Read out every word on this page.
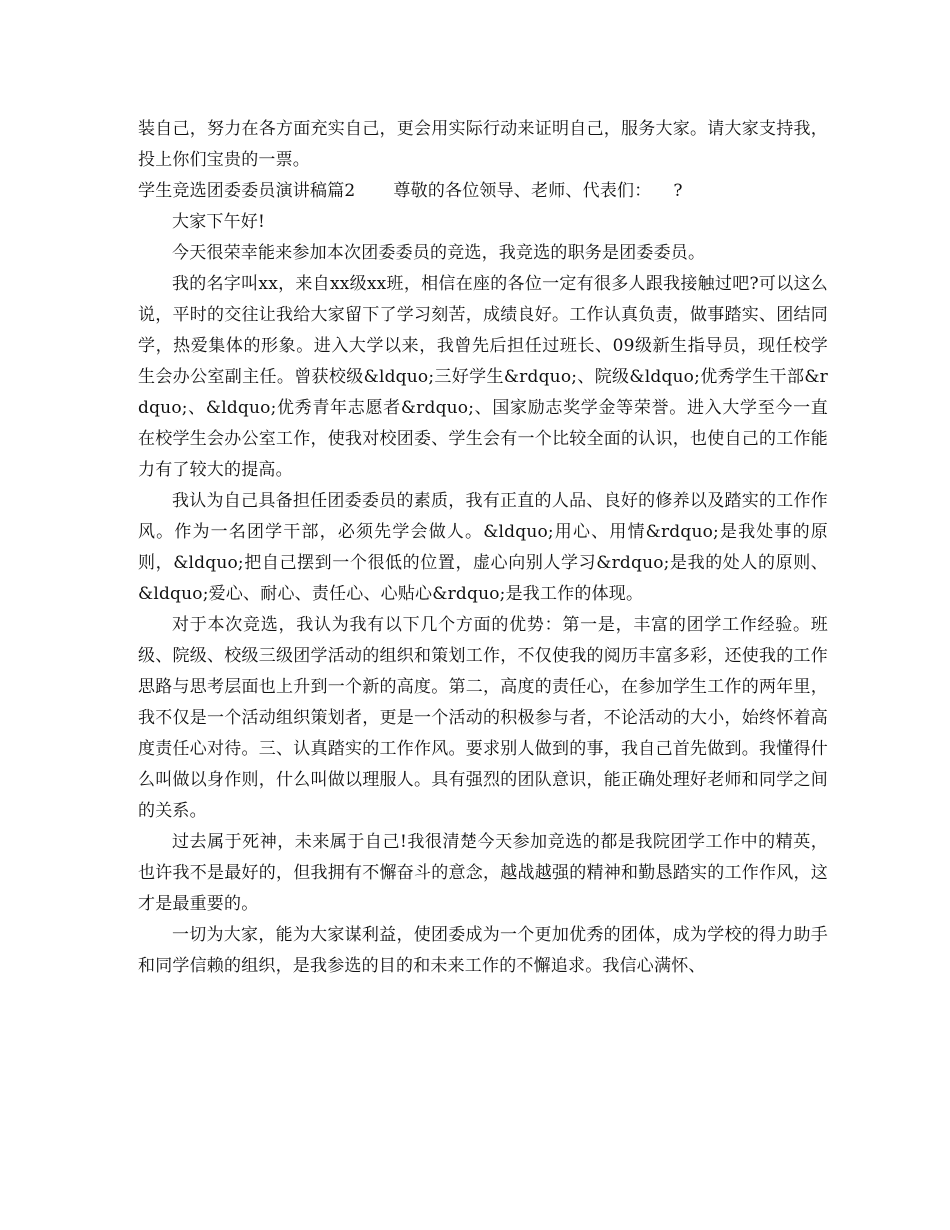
装自己，努力在各方面充实自己，更会用实际行动来证明自己，服务大家。请大家支持我，投上你们宝贵的一票。

学生竞选团委委员演讲稿篇2 尊敬的各位领导、老师、代表们： ?

大家下午好!

今天很荣幸能来参加本次团委委员的竞选，我竞选的职务是团委委员。

我的名字叫xx，来自xx级xx班，相信在座的各位一定有很多人跟我接触过吧?可以这么说，平时的交往让我给大家留下了学习刻苦，成绩良好。工作认真负责，做事踏实、团结同学，热爱集体的形象。进入大学以来，我曾先后担任过班长、09级新生指导员，现任校学生会办公室副主任。曾获校级&ldquo;三好学生&rdquo;、院级&ldquo;优秀学生干部&rdquo;、&ldquo;优秀青年志愿者&rdquo;、国家励志奖学金等荣誉。进入大学至今一直在校学生会办公室工作，使我对校团委、学生会有一个比较全面的认识，也使自己的工作能力有了较大的提高。

我认为自己具备担任团委委员的素质，我有正直的人品、良好的修养以及踏实的工作作风。作为一名团学干部，必须先学会做人。&ldquo;用心、用情&rdquo;是我处事的原则，&ldquo;把自己摆到一个很低的位置，虚心向别人学习&rdquo;是我的处人的原则、&ldquo;爱心、耐心、责任心、心贴心&rdquo;是我工作的体现。

对于本次竞选，我认为我有以下几个方面的优势：第一是，丰富的团学工作经验。班级、院级、校级三级团学活动的组织和策划工作，不仅使我的阅历丰富多彩，还使我的工作思路与思考层面也上升到一个新的高度。第二，高度的责任心，在参加学生工作的两年里，我不仅是一个活动组织策划者，更是一个活动的积极参与者，不论活动的大小，始终怀着高度责任心对待。三、认真踏实的工作作风。要求别人做到的事，我自己首先做到。我懂得什么叫做以身作则，什么叫做以理服人。具有强烈的团队意识，能正确处理好老师和同学之间的关系。

过去属于死神，未来属于自己!我很清楚今天参加竞选的都是我院团学工作中的精英，也许我不是最好的，但我拥有不懈奋斗的意念，越战越强的精神和勤恳踏实的工作作风，这才是最重要的。

一切为大家，能为大家谋利益，使团委成为一个更加优秀的团体，成为学校的得力助手和同学信赖的组织，是我参选的目的和未来工作的不懈追求。我信心满怀、
